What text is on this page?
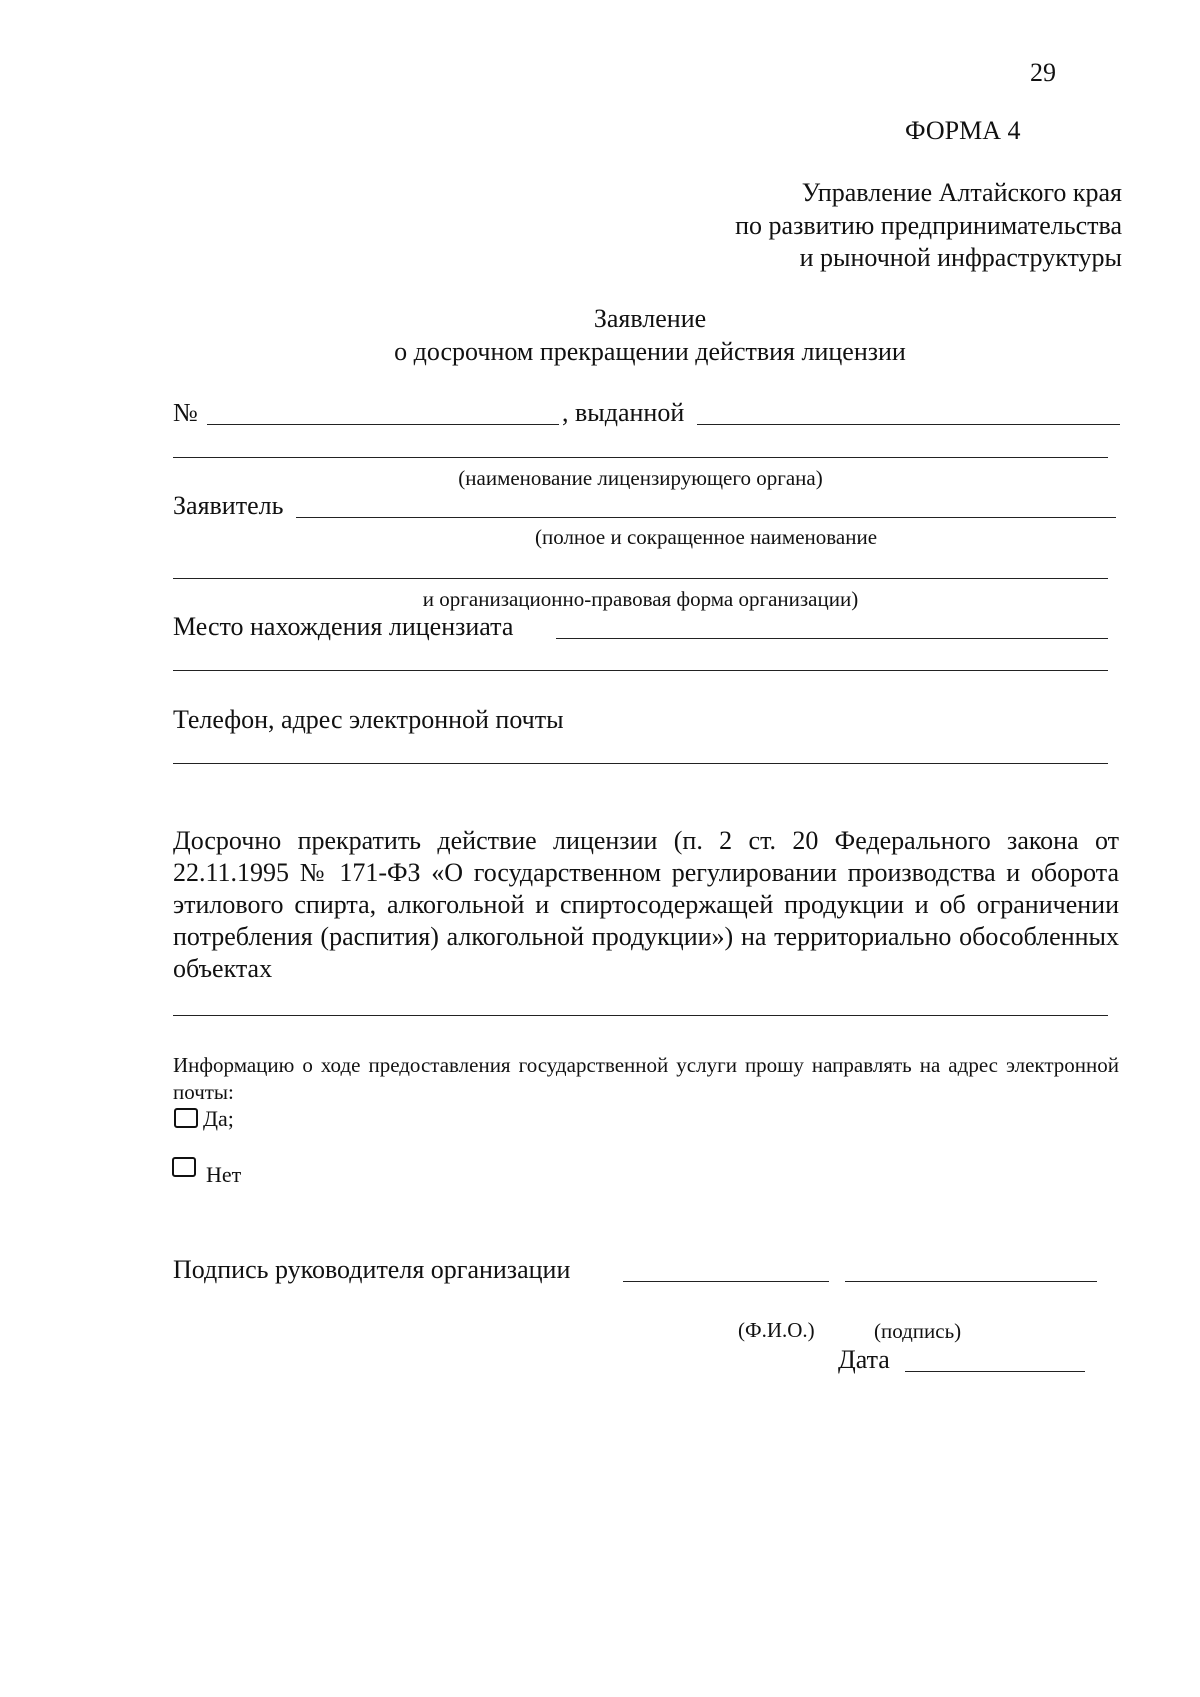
29
ФОРМА 4
Управление Алтайского края
по развитию предпринимательства
и рыночной инфраструктуры
Заявление
о досрочном прекращении действия лицензии
№	, выданной
(наименование лицензирующего органа)
Заявитель
(полное и сокращенное наименование
и организационно-правовая форма организации)
Место нахождения лицензиата
Телефон, адрес электронной почты
Досрочно прекратить действие лицензии (п. 2 ст. 20 Федерального закона от 22.11.1995 № 171-ФЗ «О государственном регулировании производства и оборота этилового спирта, алкогольной и спиртосодержащей продукции и об ограничении потребления (распития) алкогольной продукции») на территориально обособленных объектах
Информацию о ходе предоставления государственной услуги прошу направлять на адрес электронной почты:
Да;
Нет
Подпись руководителя организации
(Ф.И.О.)	(подпись)
Дата
